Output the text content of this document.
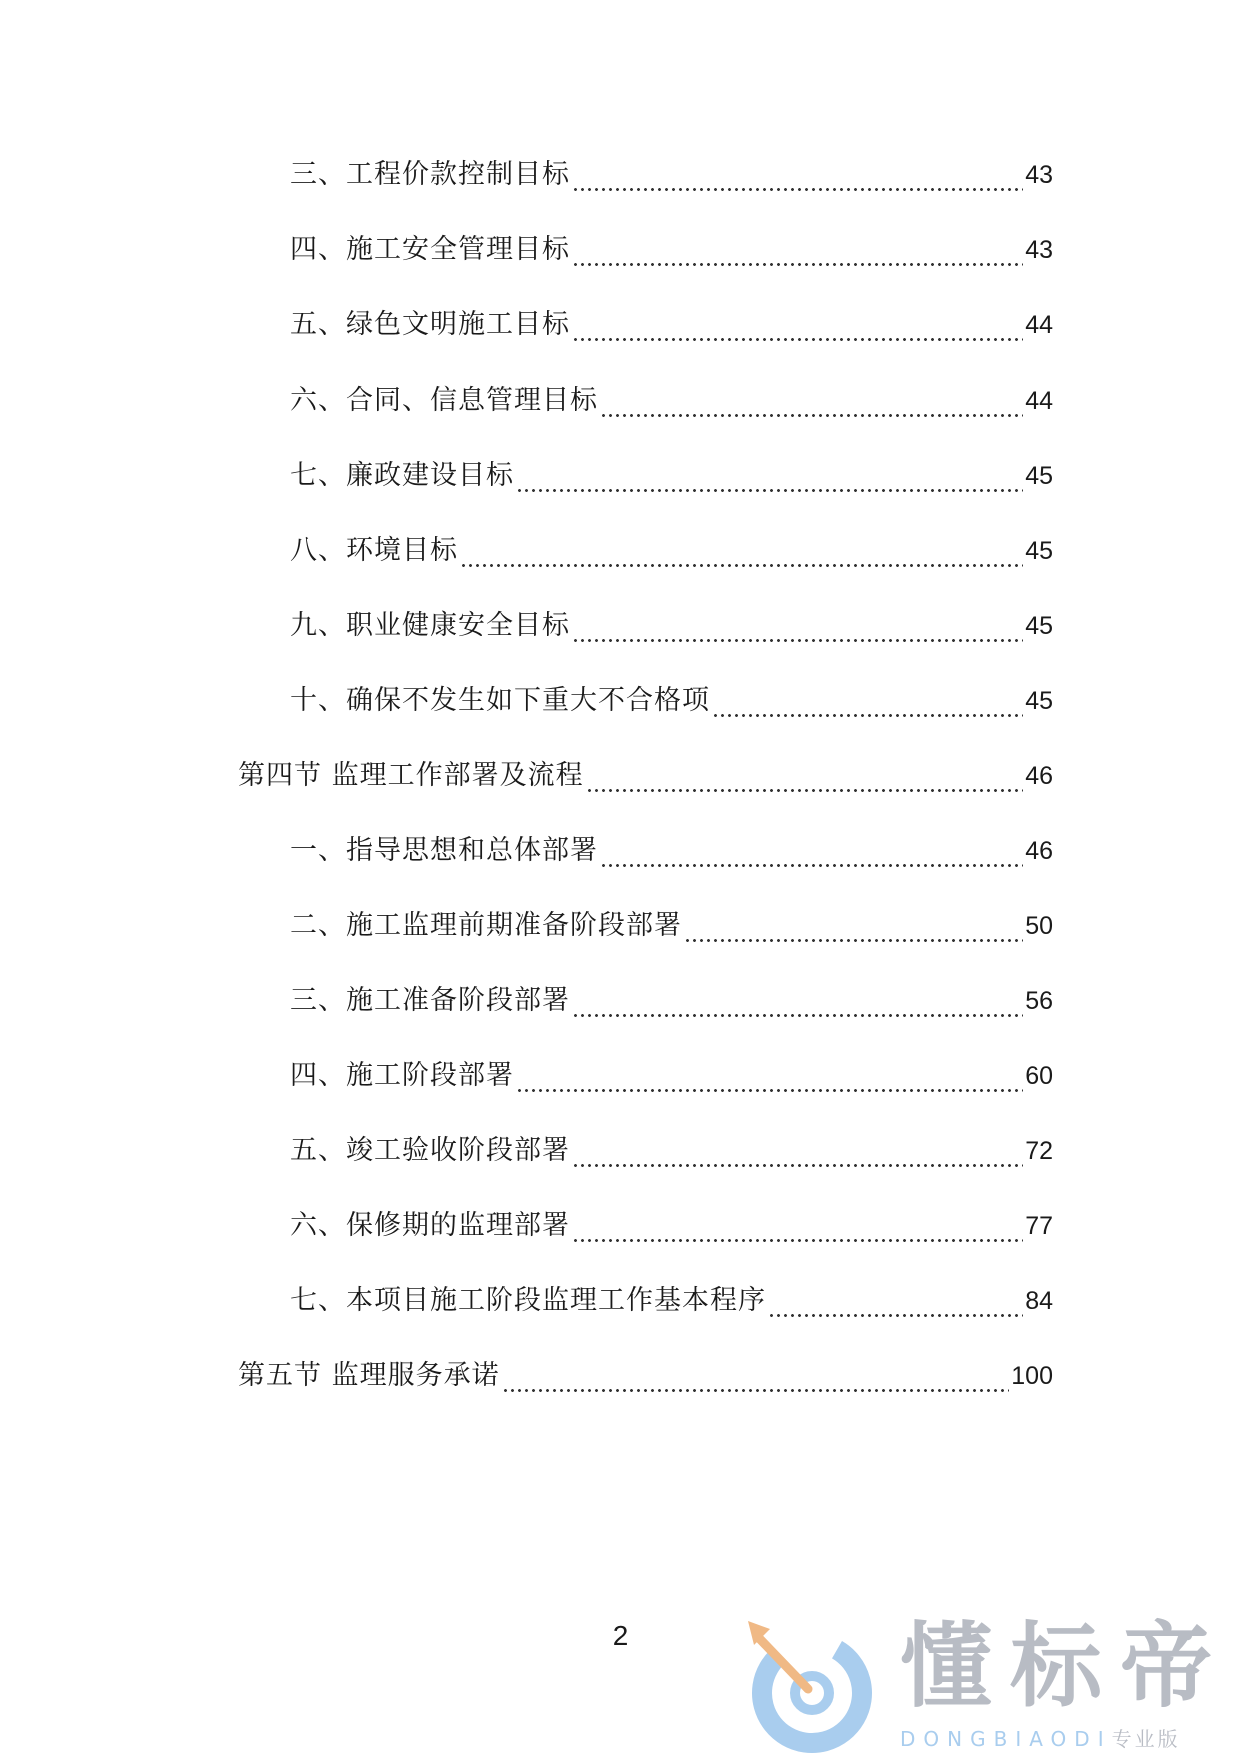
三、工程价款控制目标	43
四、施工安全管理目标	43
五、绿色文明施工目标	44
六、合同、信息管理目标	44
七、廉政建设目标	45
八、环境目标	45
九、职业健康安全目标	45
十、确保不发生如下重大不合格项	45
第四节 监理工作部署及流程	46
一、指导思想和总体部署	46
二、施工监理前期准备阶段部署	50
三、施工准备阶段部署	56
四、施工阶段部署	60
五、竣工验收阶段部署	72
六、保修期的监理部署	77
七、本项目施工阶段监理工作基本程序	84
第五节 监理服务承诺	100
2	懂标帝
DONGBIAODI专业版
